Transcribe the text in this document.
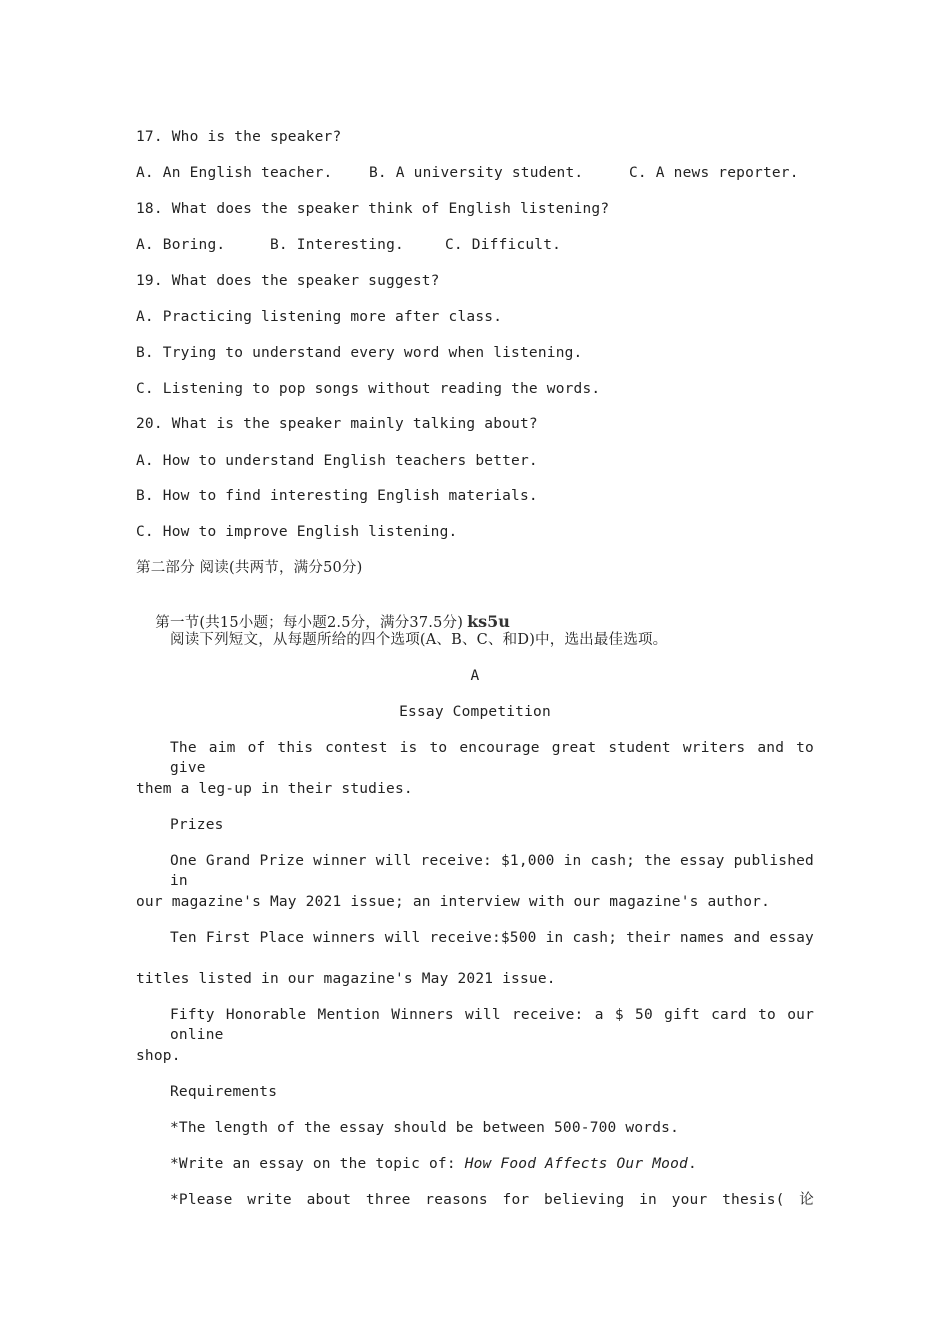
17. Who is the speaker?
A. An English teacher.	B. A university student.	C. A news reporter.
18. What does the speaker think of English listening?
A. Boring.	B. Interesting.	C. Difficult.
19. What does the speaker suggest?
A. Practicing listening more after class.
B. Trying to understand every word when listening.
C. Listening to pop songs without reading the words.
20. What is the speaker mainly talking about?
A. How to understand English teachers better.
B. How to find interesting English materials.
C. How to improve English listening.
第二部分 阅读(共两节，满分50分)

第一节(共15小题；每小题2.5分，满分37.5分) ks5u

阅读下列短文，从每题所给的四个选项(A、B、C、和D)中，选出最佳选项。
A
Essay Competition
The aim of this contest is to encourage great student writers and to give
them a leg-up in their studies.
Prizes
One Grand Prize winner will receive: $1,000 in cash; the essay published in
our magazine's May 2021 issue; an interview with our magazine's author.
Ten First Place winners will receive:$500 in cash; their names and essay
titles listed in our magazine's May 2021 issue.
Fifty Honorable Mention Winners will receive: a $ 50 gift card to our online
shop.
Requirements
*The length of the essay should be between 500-700 words.
*Write an essay on the topic of: How Food Affects Our Mood.
*Please write about three reasons for believing in your thesis( 论
